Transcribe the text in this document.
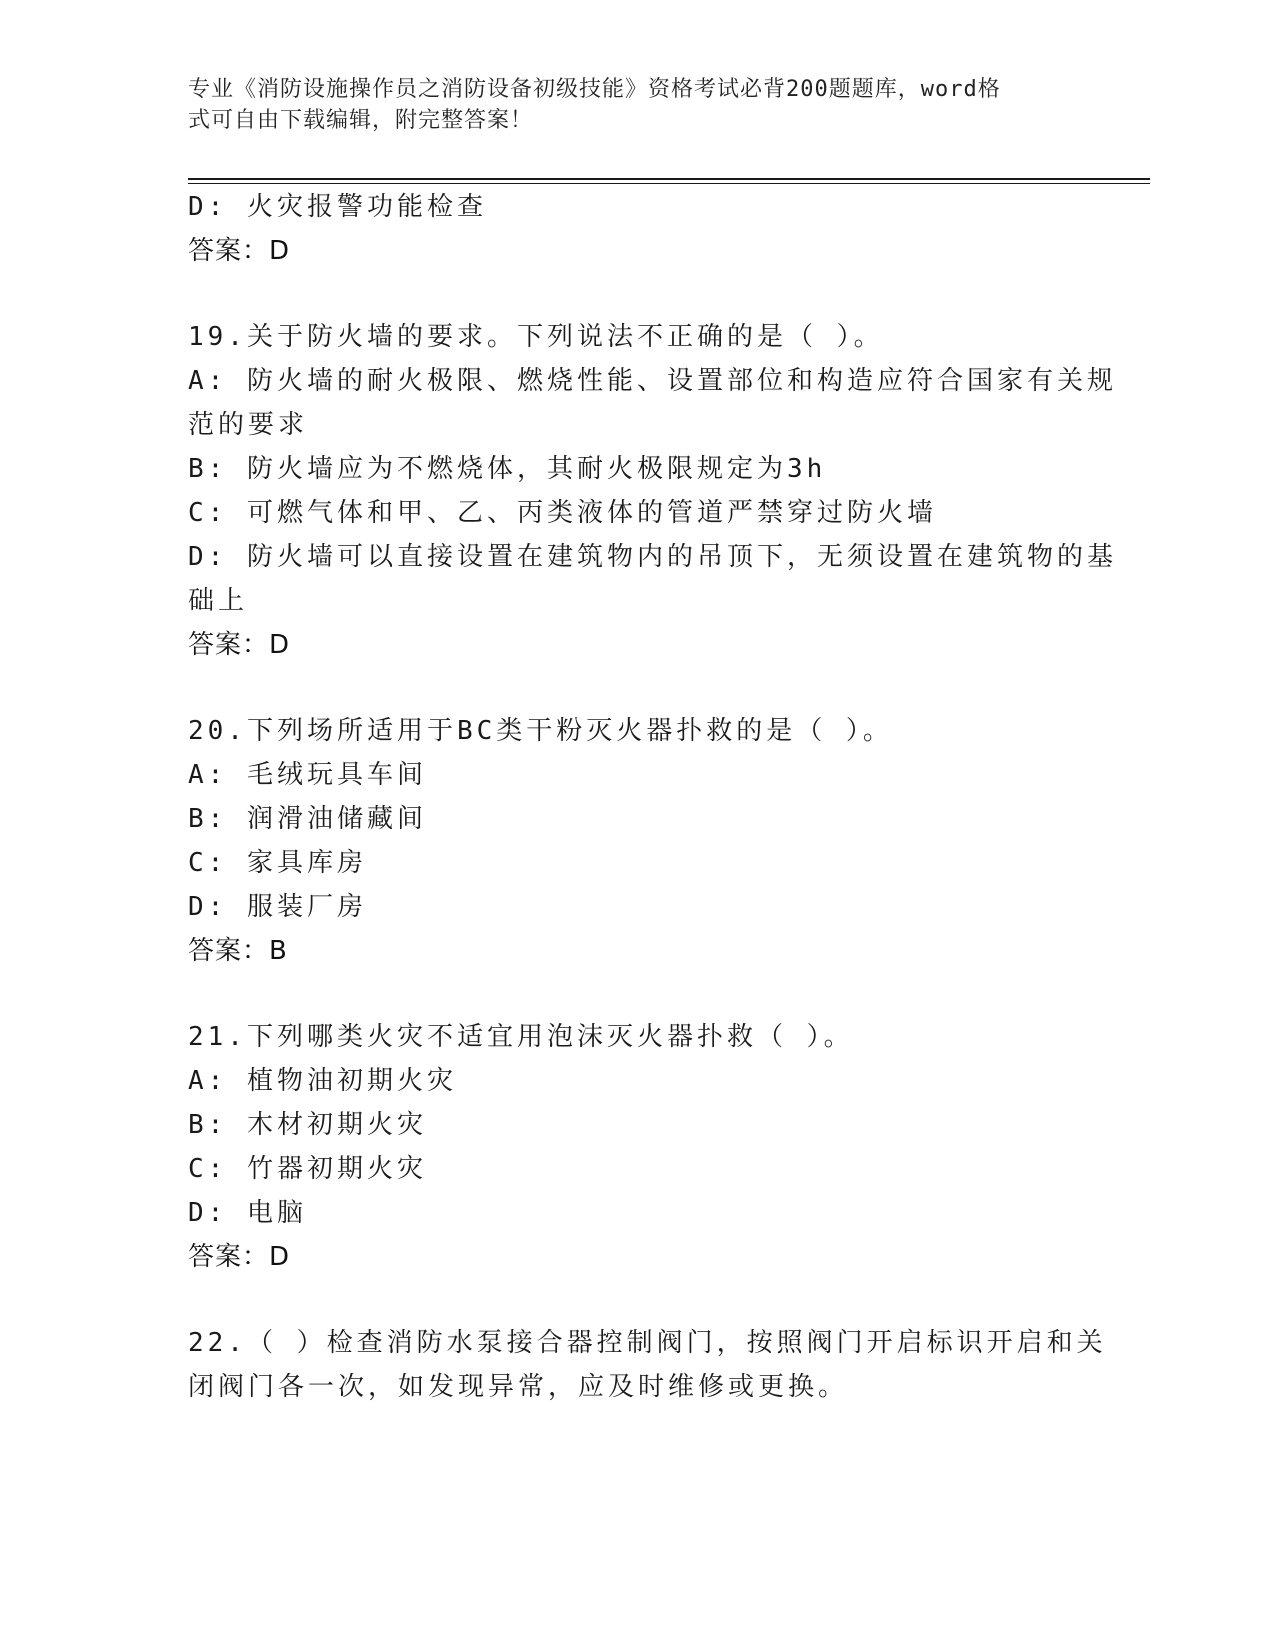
专业《消防设施操作员之消防设备初级技能》资格考试必背200题题库，word格
式可自由下载编辑，附完整答案！
D: 火灾报警功能检查
答案：D
19.关于防火墙的要求。下列说法不正确的是（ ）。
A: 防火墙的耐火极限、燃烧性能、设置部位和构造应符合国家有关规
范的要求
B: 防火墙应为不燃烧体，其耐火极限规定为3h
C: 可燃气体和甲、乙、丙类液体的管道严禁穿过防火墙
D: 防火墙可以直接设置在建筑物内的吊顶下，无须设置在建筑物的基
础上
答案：D
20.下列场所适用于BC类干粉灭火器扑救的是（ ）。
A: 毛绒玩具车间
B: 润滑油储藏间
C: 家具库房
D: 服装厂房
答案：B
21.下列哪类火灾不适宜用泡沫灭火器扑救（ ）。
A: 植物油初期火灾
B: 木材初期火灾
C: 竹器初期火灾
D: 电脑
答案：D
22.（ ）检查消防水泵接合器控制阀门，按照阀门开启标识开启和关
闭阀门各一次，如发现异常，应及时维修或更换。
